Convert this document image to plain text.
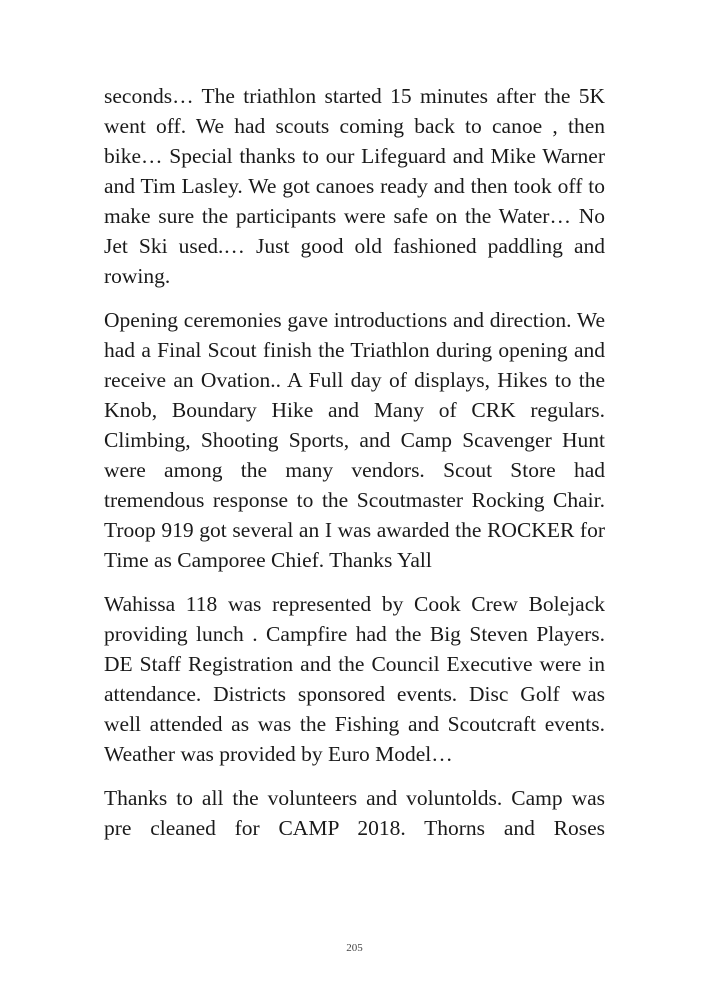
seconds… The triathlon started 15 minutes after the 5K went off. We had scouts coming back to canoe , then bike… Special thanks to our Lifeguard and Mike Warner and Tim Lasley. We got canoes ready and then took off to make sure the participants were safe on the Water… No Jet Ski used.… Just good old fashioned paddling and rowing.

Opening ceremonies gave introductions and direction. We had a Final Scout finish the Triathlon during opening and receive an Ovation.. A Full day of displays, Hikes to the Knob, Boundary Hike and Many of CRK regulars. Climbing, Shooting Sports, and Camp Scavenger Hunt were among the many vendors. Scout Store had tremendous response to the Scoutmaster Rocking Chair. Troop 919 got several an I was awarded the ROCKER for Time as Camporee Chief. Thanks Yall

Wahissa 118 was represented by Cook Crew Bolejack providing lunch . Campfire had the Big Steven Players. DE Staff Registration and the Council Executive were in attendance. Districts sponsored events. Disc Golf was well attended as was the Fishing and Scoutcraft events. Weather was provided by Euro Model…

Thanks to all the volunteers and voluntolds. Camp was pre cleaned for CAMP 2018. Thorns and Roses

205
